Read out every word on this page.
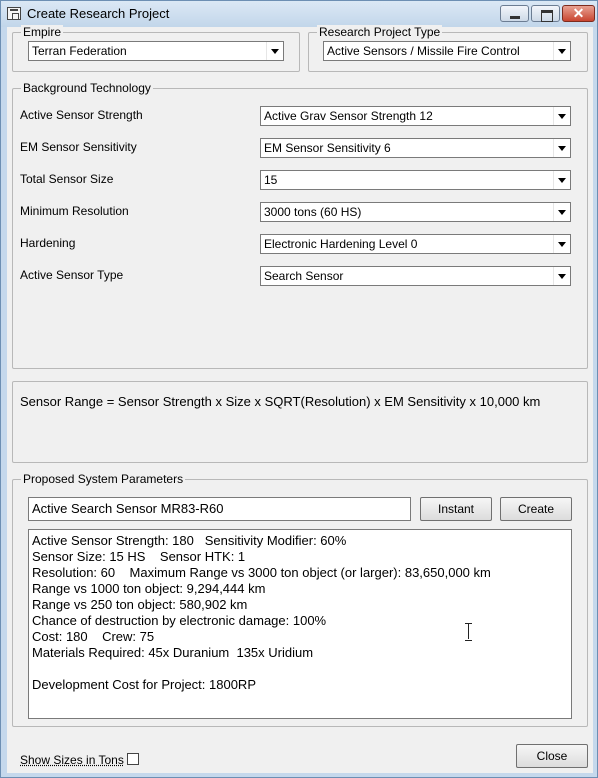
Create Research Project	✕
Empire
Terran Federation
Research Project Type
Active Sensors / Missile Fire Control
Background Technology
Active Sensor Strength	Active Grav Sensor Strength 12
EM Sensor Sensitivity	EM Sensor Sensitivity 6
Total Sensor Size	15
Minimum Resolution	3000 tons (60 HS)
Hardening	Electronic Hardening Level 0
Active Sensor Type	Search Sensor
Sensor Range = Sensor Strength x Size x SQRT(Resolution) x EM Sensitivity x 10,000 km
Proposed System Parameters
Active Search Sensor MR83-R60	Instant	Create
Active Sensor Strength: 180   Sensitivity Modifier: 60%
Sensor Size: 15 HS    Sensor HTK: 1
Resolution: 60    Maximum Range vs 3000 ton object (or larger): 83,650,000 km
Range vs 1000 ton object: 9,294,444 km
Range vs 250 ton object: 580,902 km
Chance of destruction by electronic damage: 100%
Cost: 180    Crew: 75
Materials Required: 45x Duranium  135x Uridium
Development Cost for Project: 1800RP
Show Sizes in Tons	Close
